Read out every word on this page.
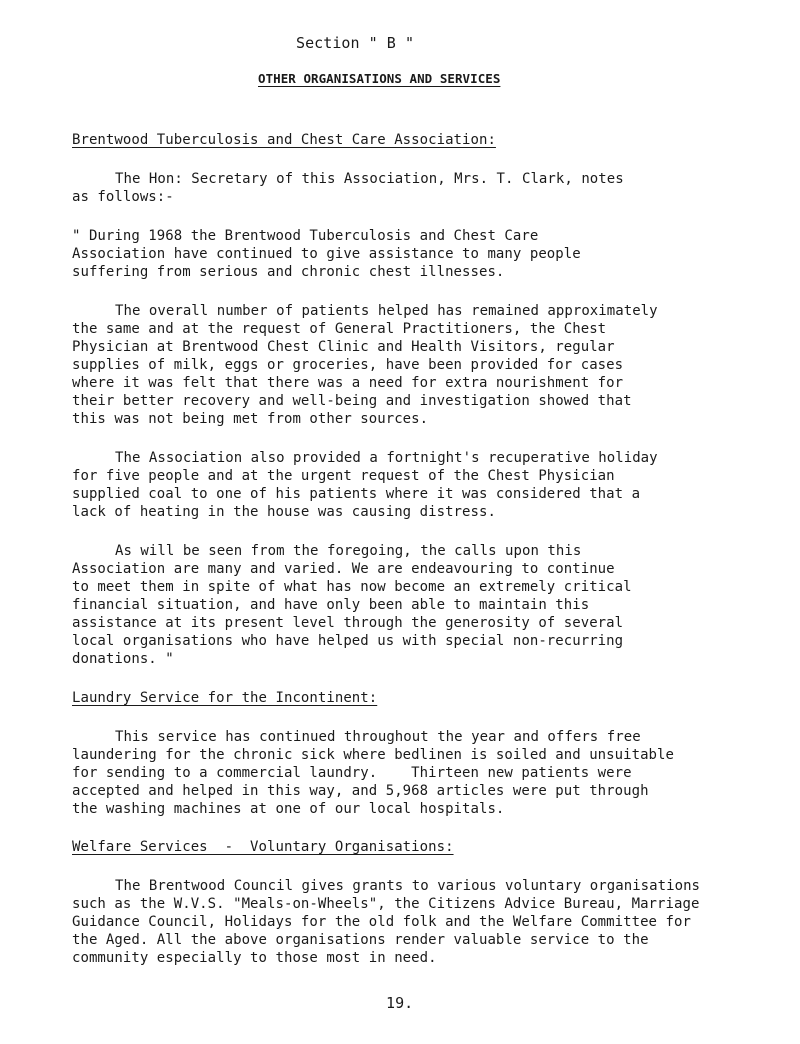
Section " B "
OTHER ORGANISATIONS AND SERVICES
Brentwood Tuberculosis and Chest Care Association:
The Hon: Secretary of this Association, Mrs. T. Clark, notes
as follows:-
" During 1968 the Brentwood Tuberculosis and Chest Care
Association have continued to give assistance to many people
suffering from serious and chronic chest illnesses.
The overall number of patients helped has remained approximately
the same and at the request of General Practitioners, the Chest
Physician at Brentwood Chest Clinic and Health Visitors, regular
supplies of milk, eggs or groceries, have been provided for cases
where it was felt that there was a need for extra nourishment for
their better recovery and well-being and investigation showed that
this was not being met from other sources.
The Association also provided a fortnight's recuperative holiday
for five people and at the urgent request of the Chest Physician
supplied coal to one of his patients where it was considered that a
lack of heating in the house was causing distress.
As will be seen from the foregoing, the calls upon this
Association are many and varied. We are endeavouring to continue
to meet them in spite of what has now become an extremely critical
financial situation, and have only been able to maintain this
assistance at its present level through the generosity of several
local organisations who have helped us with special non-recurring
donations. "
Laundry Service for the Incontinent:
This service has continued throughout the year and offers free
laundering for the chronic sick where bedlinen is soiled and unsuitable
for sending to a commercial laundry.    Thirteen new patients were
accepted and helped in this way, and 5,968 articles were put through
the washing machines at one of our local hospitals.
Welfare Services  -  Voluntary Organisations:
The Brentwood Council gives grants to various voluntary organisations
such as the W.V.S. "Meals-on-Wheels", the Citizens Advice Bureau, Marriage
Guidance Council, Holidays for the old folk and the Welfare Committee for
the Aged. All the above organisations render valuable service to the
community especially to those most in need.
19.
